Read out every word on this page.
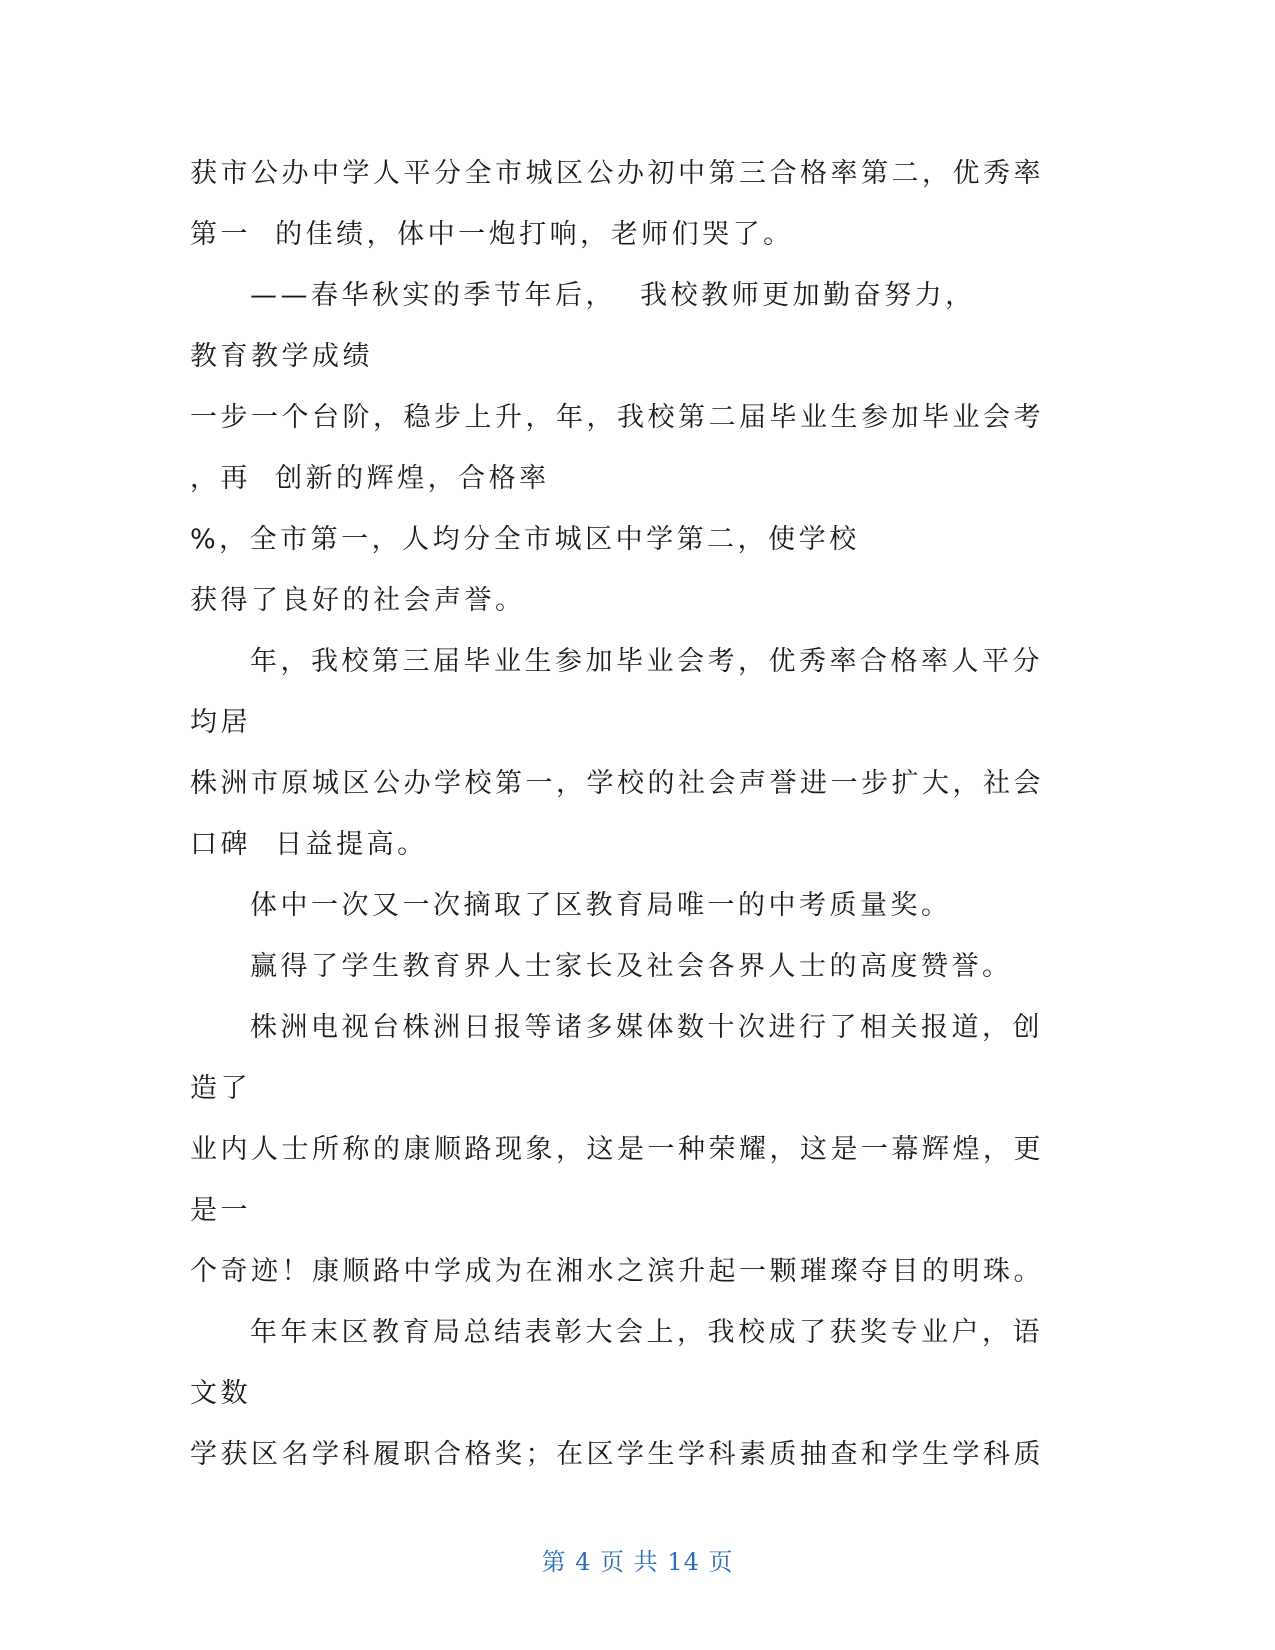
获市公办中学人平分全市城区公办初中第三合格率第二，优秀率
第一  的佳绩，体中一炮打响，老师们哭了。
——春华秋实的季节年后，  我校教师更加勤奋努力，
教育教学成绩
一步一个台阶，稳步上升，年，我校第二届毕业生参加毕业会考
，再  创新的辉煌，合格率
%，全市第一，人均分全市城区中学第二，使学校
获得了良好的社会声誉。
年，我校第三届毕业生参加毕业会考，优秀率合格率人平分
均居
株洲市原城区公办学校第一，学校的社会声誉进一步扩大，社会
口碑  日益提高。
体中一次又一次摘取了区教育局唯一的中考质量奖。
赢得了学生教育界人士家长及社会各界人士的高度赞誉。
株洲电视台株洲日报等诸多媒体数十次进行了相关报道，创
造了
业内人士所称的康顺路现象，这是一种荣耀，这是一幕辉煌，更
是一
个奇迹！康顺路中学成为在湘水之滨升起一颗璀璨夺目的明珠。
年年末区教育局总结表彰大会上，我校成了获奖专业户，语
文数
学获区名学科履职合格奖；在区学生学科素质抽查和学生学科质
第 4 页 共 14 页
